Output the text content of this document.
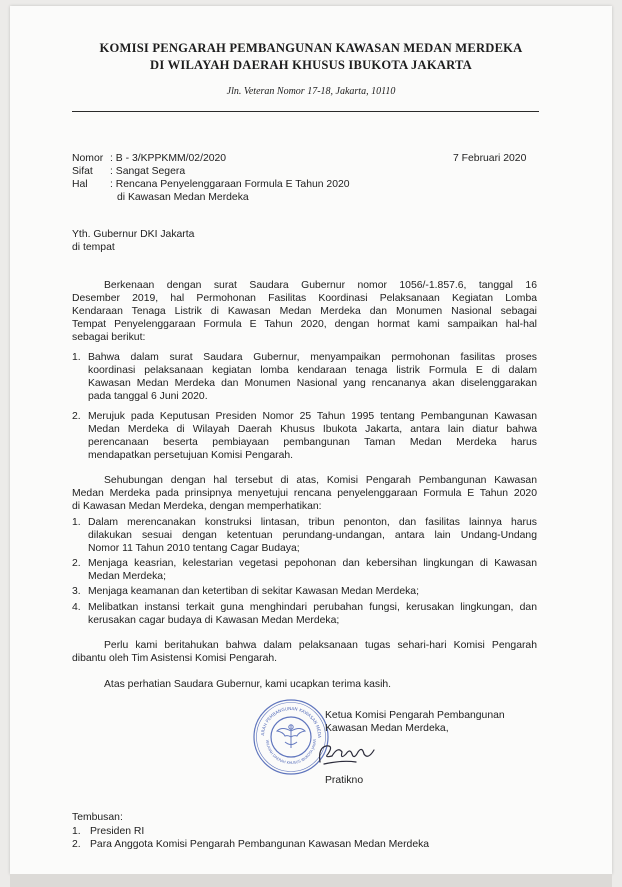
KOMISI PENGARAH PEMBANGUNAN KAWASAN MEDAN MERDEKA
DI WILAYAH DAERAH KHUSUS IBUKOTA JAKARTA
Jln. Veteran Nomor 17-18, Jakarta, 10110
Nomor : B - 3/KPPKMM/02/2020	7 Februari 2020
Sifat : Sangat Segera
Hal : Rencana Penyelenggaraan Formula E Tahun 2020
di Kawasan Medan Merdeka
Yth. Gubernur DKI Jakarta
di tempat
Berkenaan dengan surat Saudara Gubernur nomor 1056/-1.857.6, tanggal 16
Desember 2019, hal Permohonan Fasilitas Koordinasi Pelaksanaan Kegiatan Lomba
Kendaraan Tenaga Listrik di Kawasan Medan Merdeka dan Monumen Nasional sebagai
Tempat Penyelenggaraan Formula E Tahun 2020, dengan hormat kami sampaikan hal-hal
sebagai berikut:
1. Bahwa dalam surat Saudara Gubernur, menyampaikan permohonan fasilitas proses
koordinasi pelaksanaan kegiatan lomba kendaraan tenaga listrik Formula E di dalam
Kawasan Medan Merdeka dan Monumen Nasional yang rencananya akan diselenggarakan
pada tanggal 6 Juni 2020.
2. Merujuk pada Keputusan Presiden Nomor 25 Tahun 1995 tentang Pembangunan Kawasan
Medan Merdeka di Wilayah Daerah Khusus Ibukota Jakarta, antara lain diatur bahwa
perencanaan beserta pembiayaan pembangunan Taman Medan Merdeka harus
mendapatkan persetujuan Komisi Pengarah.
Sehubungan dengan hal tersebut di atas, Komisi Pengarah Pembangunan Kawasan
Medan Merdeka pada prinsipnya menyetujui rencana penyelenggaraan Formula E Tahun 2020
di Kawasan Medan Merdeka, dengan memperhatikan:
1. Dalam merencanakan konstruksi lintasan, tribun penonton, dan fasilitas lainnya harus
dilakukan sesuai dengan ketentuan perundang-undangan, antara lain Undang-Undang
Nomor 11 Tahun 2010 tentang Cagar Budaya;
2. Menjaga keasrian, kelestarian vegetasi pepohonan dan kebersihan lingkungan di Kawasan
Medan Merdeka;
3. Menjaga keamanan dan ketertiban di sekitar Kawasan Medan Merdeka;
4. Melibatkan instansi terkait guna menghindari perubahan fungsi, kerusakan lingkungan, dan
kerusakan cagar budaya di Kawasan Medan Merdeka;
Perlu kami beritahukan bahwa dalam pelaksanaan tugas sehari-hari Komisi Pengarah
dibantu oleh Tim Asistensi Komisi Pengarah.
Atas perhatian Saudara Gubernur, kami ucapkan terima kasih.
ARAH PEMBANGUNAN KAWASAN MEDA
WILAYAH DAERAH KHUSUS IBUKOTA JAKAR
Ketua Komisi Pengarah Pembangunan
Kawasan Medan Merdeka,
Pratikno
Tembusan:
1. Presiden RI
2. Para Anggota Komisi Pengarah Pembangunan Kawasan Medan Merdeka
